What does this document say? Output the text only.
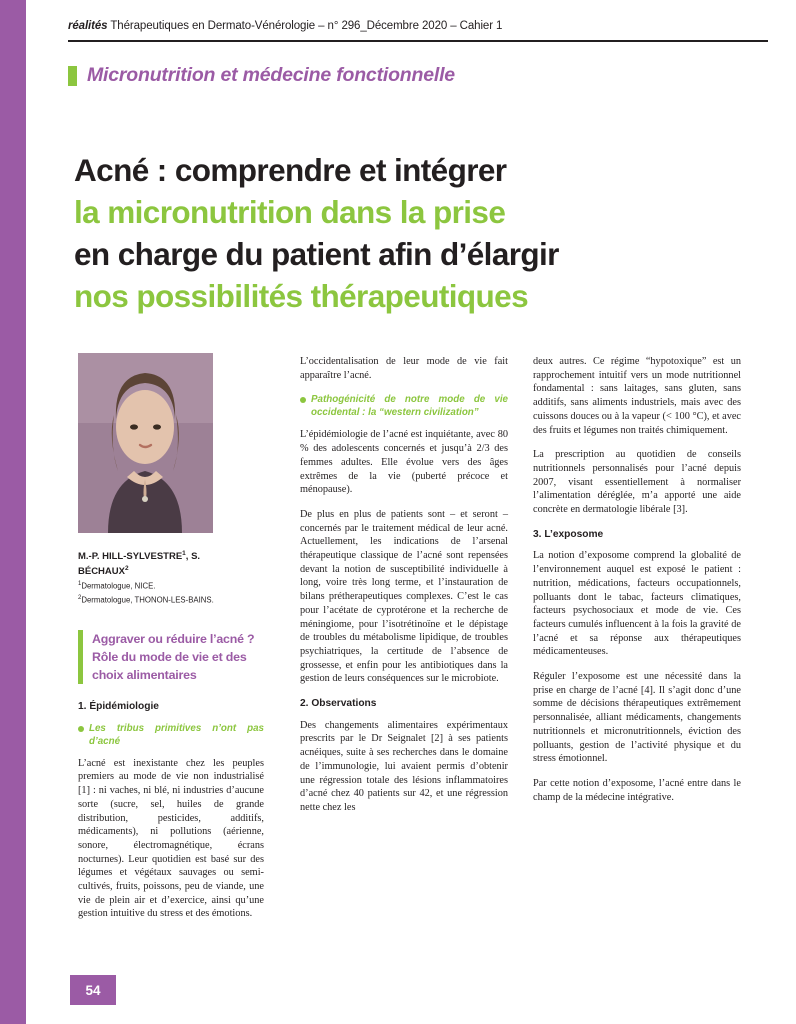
réalités Thérapeutiques en Dermato-Vénérologie – n° 296_Décembre 2020 – Cahier 1
Micronutrition et médecine fonctionnelle
Acné : comprendre et intégrer
la micronutrition dans la prise
en charge du patient afin d’élargir
nos possibilités thérapeutiques
M.-P. HILL-SYLVESTRE$^1$, S. BÉCHAUX$^2$
$^1$Dermatologue, NICE.
$^2$Dermatologue, THONON-LES-BAINS.
Aggraver ou réduire l’acné ? Rôle du mode de vie et des choix alimentaires
1. Épidémiologie
Les tribus primitives n’ont pas d’acné

L’acné est inexistante chez les peuples premiers au mode de vie non industrialisé [1] : ni vaches, ni blé, ni industries d’aucune sorte (sucre, sel, huiles de grande distribution, pesticides, additifs, médicaments), ni pollutions (aérienne, sonore, électromagnétique, écrans nocturnes). Leur quotidien est basé sur des légumes et végétaux sauvages ou semi-cultivés, fruits, poissons, peu de viande, une vie de plein air et d’exercice, ainsi qu’une gestion intuitive du stress et des émotions.

L’occidentalisation de leur mode de vie fait apparaître l’acné.

Pathogénicité de notre mode de vie occidental : la “western civilization”

L’épidémiologie de l’acné est inquiétante, avec 80 % des adolescents concernés et jusqu’à 2/3 des femmes adultes. Elle évolue vers des âges extrêmes de la vie (puberté précoce et ménopause).

De plus en plus de patients sont – et seront – concernés par le traitement médical de leur acné. Actuellement, les indications de l’arsenal thérapeutique classique de l’acné sont repensées devant la notion de susceptibilité individuelle à long, voire très long terme, et l’instauration de bilans prétherapeutiques complexes. C’est le cas pour l’acétate de cyprotérone et la recherche de méningiome, pour l’isotrétinoïne et le dépistage de troubles du métabolisme lipidique, de troubles psychiatriques, la certitude de l’absence de grossesse, et enfin pour les antibiotiques dans la gestion de leurs conséquences sur le microbiote.

2. Observations

Des changements alimentaires expérimentaux prescrits par le Dr Seignalet [2] à ses patients acnéiques, suite à ses recherches dans le domaine de l’immunologie, lui avaient permis d’obtenir une régression totale des lésions inflammatoires d’acné chez 40 patients sur 42, et une régression nette chez les

deux autres. Ce régime “hypotoxique” est un rapprochement intuitif vers un mode nutritionnel fondamental : sans laitages, sans gluten, sans additifs, sans aliments industriels, mais avec des cuissons douces ou à la vapeur (< 100 °C), et avec des fruits et légumes non traités chimiquement.

La prescription au quotidien de conseils nutritionnels personnalisés pour l’acné depuis 2007, visant essentiellement à normaliser l’alimentation déréglée, m’a apporté une aide concrète en dermatologie libérale [3].

3. L’exposome

La notion d’exposome comprend la globalité de l’environnement auquel est exposé le patient : nutrition, médications, facteurs occupationnels, polluants dont le tabac, facteurs climatiques, facteurs psychosociaux et mode de vie. Ces facteurs cumulés influencent à la fois la gravité de l’acné et sa réponse aux thérapeutiques médicamenteuses.

Réguler l’exposome est une nécessité dans la prise en charge de l’acné [4]. Il s’agit donc d’une somme de décisions thérapeutiques extrêmement personnalisée, alliant médicaments, changements nutritionnels et micronutritionnels, éviction des polluants, gestion de l’activité physique et du stress émotionnel.

Par cette notion d’exposome, l’acné entre dans le champ de la médecine intégrative.

54
